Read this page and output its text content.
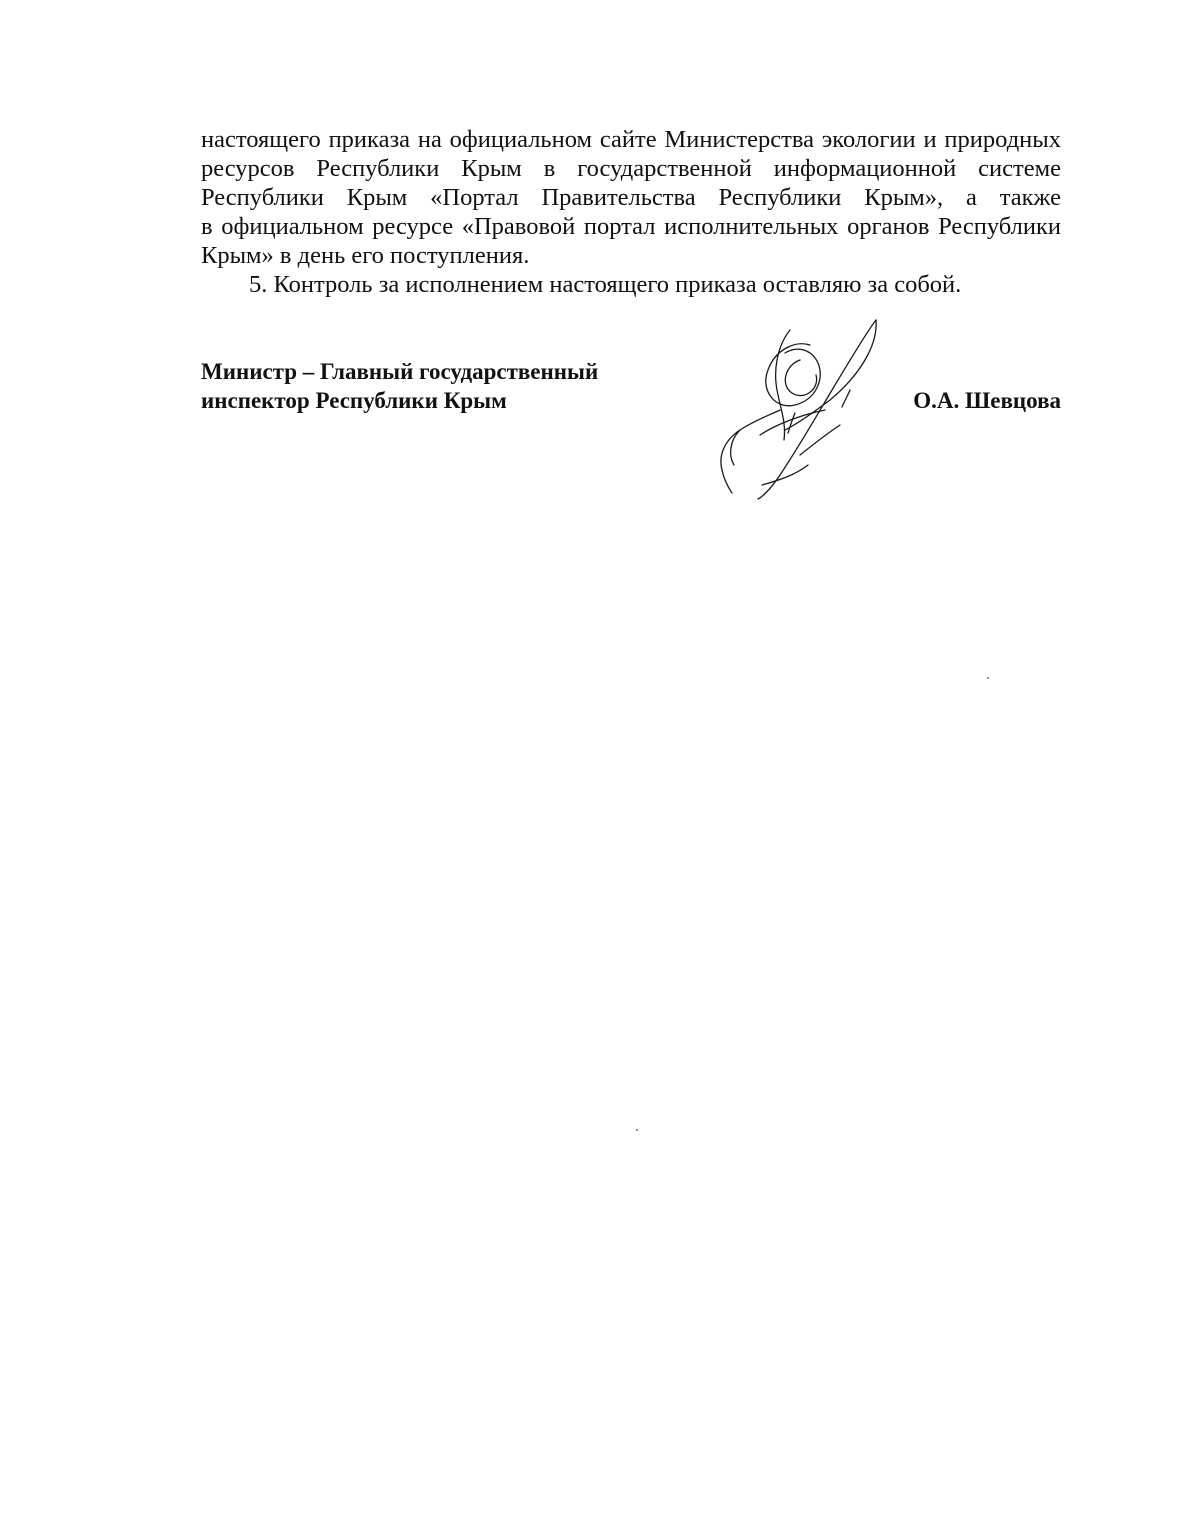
настоящего приказа на официальном сайте Министерства экологии и природных
ресурсов Республики Крым в государственной информационной системе
Республики Крым «Портал Правительства Республики Крым», а также
в официальном ресурсе «Правовой портал исполнительных органов Республики
Крым» в день его поступления.
5. Контроль за исполнением настоящего приказа оставляю за собой.
Министр – Главный государственный
инспектор Республики Крым	О.А. Шевцова
